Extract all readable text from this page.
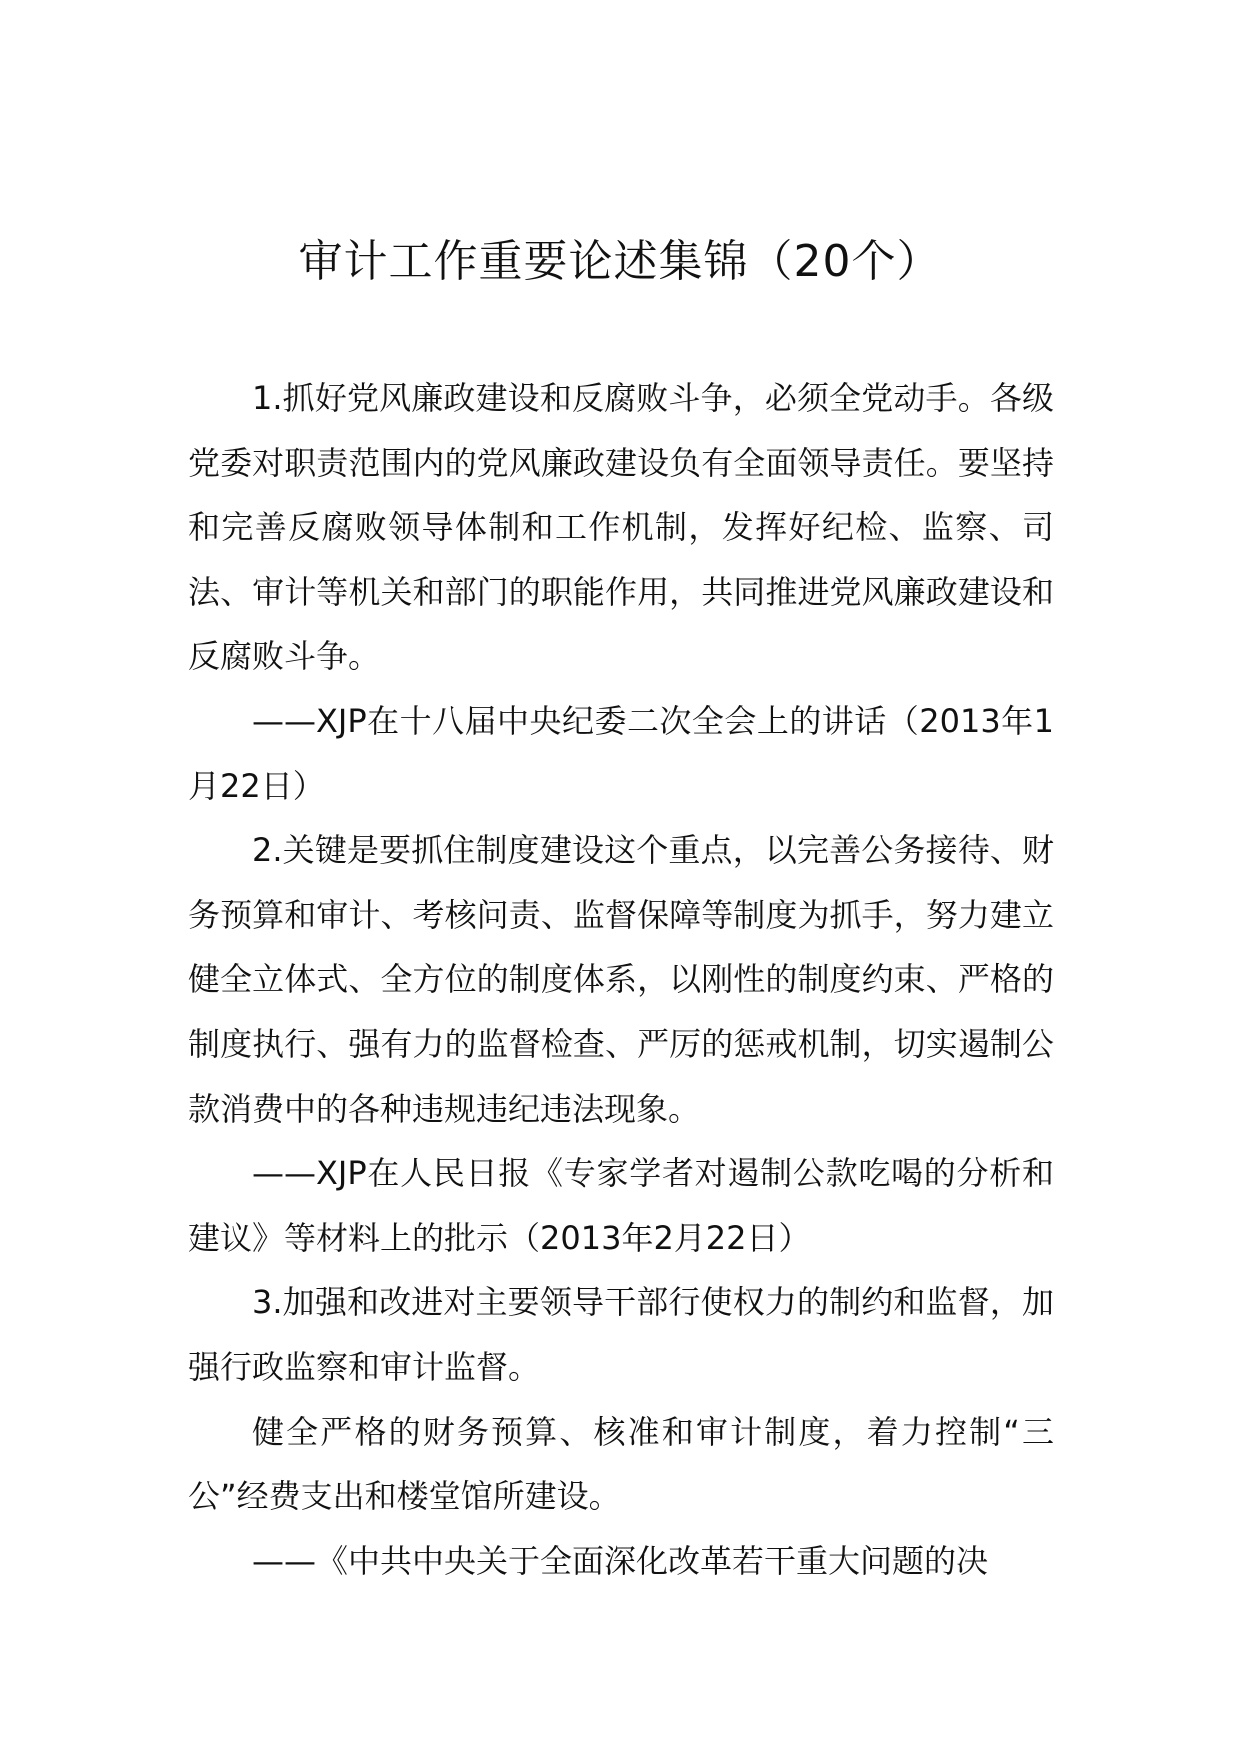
审计工作重要论述集锦（20个）

1.抓好党风廉政建设和反腐败斗争，必须全党动手。各级党委对职责范围内的党风廉政建设负有全面领导责任。要坚持和完善反腐败领导体制和工作机制，发挥好纪检、监察、司法、审计等机关和部门的职能作用，共同推进党风廉政建设和反腐败斗争。

——XJP在十八届中央纪委二次全会上的讲话（2013年1月22日）

2.关键是要抓住制度建设这个重点，以完善公务接待、财务预算和审计、考核问责、监督保障等制度为抓手，努力建立健全立体式、全方位的制度体系，以刚性的制度约束、严格的制度执行、强有力的监督检查、严厉的惩戒机制，切实遏制公款消费中的各种违规违纪违法现象。

——XJP在人民日报《专家学者对遏制公款吃喝的分析和建议》等材料上的批示（2013年2月22日）

3.加强和改进对主要领导干部行使权力的制约和监督，加强行政监察和审计监督。

健全严格的财务预算、核准和审计制度，着力控制“三公”经费支出和楼堂馆所建设。

——《中共中央关于全面深化改革若干重大问题的决
